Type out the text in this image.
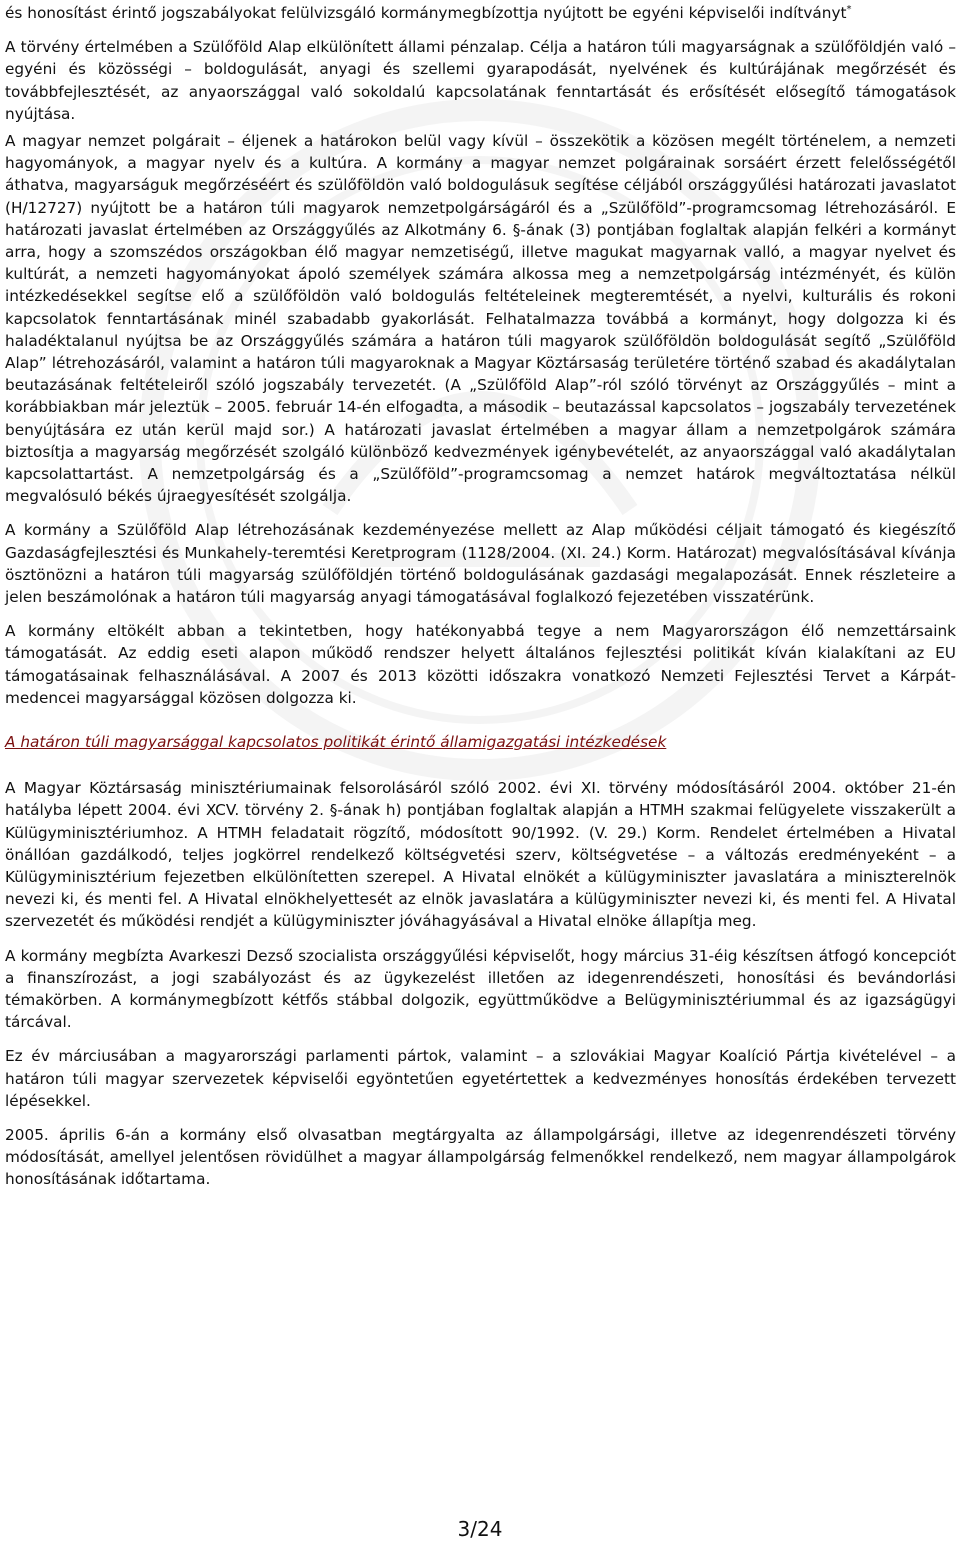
és honosítást érintő jogszabályokat felülvizsgáló kormánymegbízottja nyújtott be egyéni képviselői indítványt*

A törvény értelmében a Szülőföld Alap elkülönített állami pénzalap. Célja a határon túli magyarságnak a szülőföldjén való – egyéni és közösségi – boldogulását, anyagi és szellemi gyarapodását, nyelvének és kultúrájának megőrzését és továbbfejlesztését, az anyaországgal való sokoldalú kapcsolatának fenntartását és erősítését elősegítő támogatások nyújtása.

A magyar nemzet polgárait – éljenek a határokon belül vagy kívül – összekötik a közösen megélt történelem, a nemzeti hagyományok, a magyar nyelv és a kultúra. A kormány a magyar nemzet polgárainak sorsáért érzett felelősségétől áthatva, magyarságuk megőrzéséért és szülőföldön való boldogulásuk segítése céljából országgyűlési határozati javaslatot (H/12727) nyújtott be a határon túli magyarok nemzetpolgárságáról és a „Szülőföld”-programcsomag létrehozásáról. E határozati javaslat értelmében az Országgyűlés az Alkotmány 6. §-ának (3) pontjában foglaltak alapján felkéri a kormányt arra, hogy a szomszédos országokban élő magyar nemzetiségű, illetve magukat magyarnak valló, a magyar nyelvet és kultúrát, a nemzeti hagyományokat ápoló személyek számára alkossa meg a nemzetpolgárság intézményét, és külön intézkedésekkel segítse elő a szülőföldön való boldogulás feltételeinek megteremtését, a nyelvi, kulturális és rokoni kapcsolatok fenntartásának minél szabadabb gyakorlását. Felhatalmazza továbbá a kormányt, hogy dolgozza ki és haladéktalanul nyújtsa be az Országgyűlés számára a határon túli magyarok szülőföldön boldogulását segítő „Szülőföld Alap” létrehozásáról, valamint a határon túli magyaroknak a Magyar Köztársaság területére történő szabad és akadálytalan beutazásának feltételeiről szóló jogszabály tervezetét. (A „Szülőföld Alap”-ról szóló törvényt az Országgyűlés – mint a korábbiakban már jeleztük – 2005. február 14-én elfogadta, a második – beutazással kapcsolatos – jogszabály tervezetének benyújtására ez után kerül majd sor.) A határozati javaslat értelmében a magyar állam a nemzetpolgárok számára biztosítja a magyarság megőrzését szolgáló különböző kedvezmények igénybevételét, az anyaországgal való akadálytalan kapcsolattartást. A nemzetpolgárság és a „Szülőföld”-programcsomag a nemzet határok megváltoztatása nélkül megvalósuló békés újraegyesítését szolgálja.

A kormány a Szülőföld Alap létrehozásának kezdeményezése mellett az Alap működési céljait támogató és kiegészítő Gazdaságfejlesztési és Munkahely-teremtési Keretprogram (1128/2004. (XI. 24.) Korm. Határozat) megvalósításával kívánja ösztönözni a határon túli magyarság szülőföldjén történő boldogulásának gazdasági megalapozását. Ennek részleteire a jelen beszámolónak a határon túli magyarság anyagi támogatásával foglalkozó fejezetében visszatérünk.

A kormány eltökélt abban a tekintetben, hogy hatékonyabbá tegye a nem Magyarországon élő nemzettársaink támogatását. Az eddig eseti alapon működő rendszer helyett általános fejlesztési politikát kíván kialakítani az EU támogatásainak felhasználásával. A 2007 és 2013 közötti időszakra vonatkozó Nemzeti Fejlesztési Tervet a Kárpát-medencei magyarsággal közösen dolgozza ki.

A határon túli magyarsággal kapcsolatos politikát érintő államigazgatási intézkedések

A Magyar Köztársaság minisztériumainak felsorolásáról szóló 2002. évi XI. törvény módosításáról 2004. október 21-én hatályba lépett 2004. évi XCV. törvény 2. §-ának h) pontjában foglaltak alapján a HTMH szakmai felügyelete visszakerült a Külügyminisztériumhoz. A HTMH feladatait rögzítő, módosított 90/1992. (V. 29.) Korm. Rendelet értelmében a Hivatal önállóan gazdálkodó, teljes jogkörrel rendelkező költségvetési szerv, költségvetése – a változás eredményeként – a Külügyminisztérium fejezetben elkülönítetten szerepel. A Hivatal elnökét a külügyminiszter javaslatára a miniszterelnök nevezi ki, és menti fel. A Hivatal elnökhelyettesét az elnök javaslatára a külügyminiszter nevezi ki, és menti fel. A Hivatal szervezetét és működési rendjét a külügyminiszter jóváhagyásával a Hivatal elnöke állapítja meg.

A kormány megbízta Avarkeszi Dezső szocialista országgyűlési képviselőt, hogy március 31-éig készítsen átfogó koncepciót a finanszírozást, a jogi szabályozást és az ügykezelést illetően az idegenrendészeti, honosítási és bevándorlási témakörben. A kormánymegbízott kétfős stábbal dolgozik, együttműködve a Belügyminisztériummal és az igazságügyi tárcával.

Ez év márciusában a magyarországi parlamenti pártok, valamint – a szlovákiai Magyar Koalíció Pártja kivételével – a határon túli magyar szervezetek képviselői egyöntetűen egyetértettek a kedvezményes honosítás érdekében tervezett lépésekkel.

2005. április 6-án a kormány első olvasatban megtárgyalta az állampolgársági, illetve az idegenrendészeti törvény módosítását, amellyel jelentősen rövidülhet a magyar állampolgárság felmenőkkel rendelkező, nem magyar állampolgárok honosításának időtartama.

3/24
